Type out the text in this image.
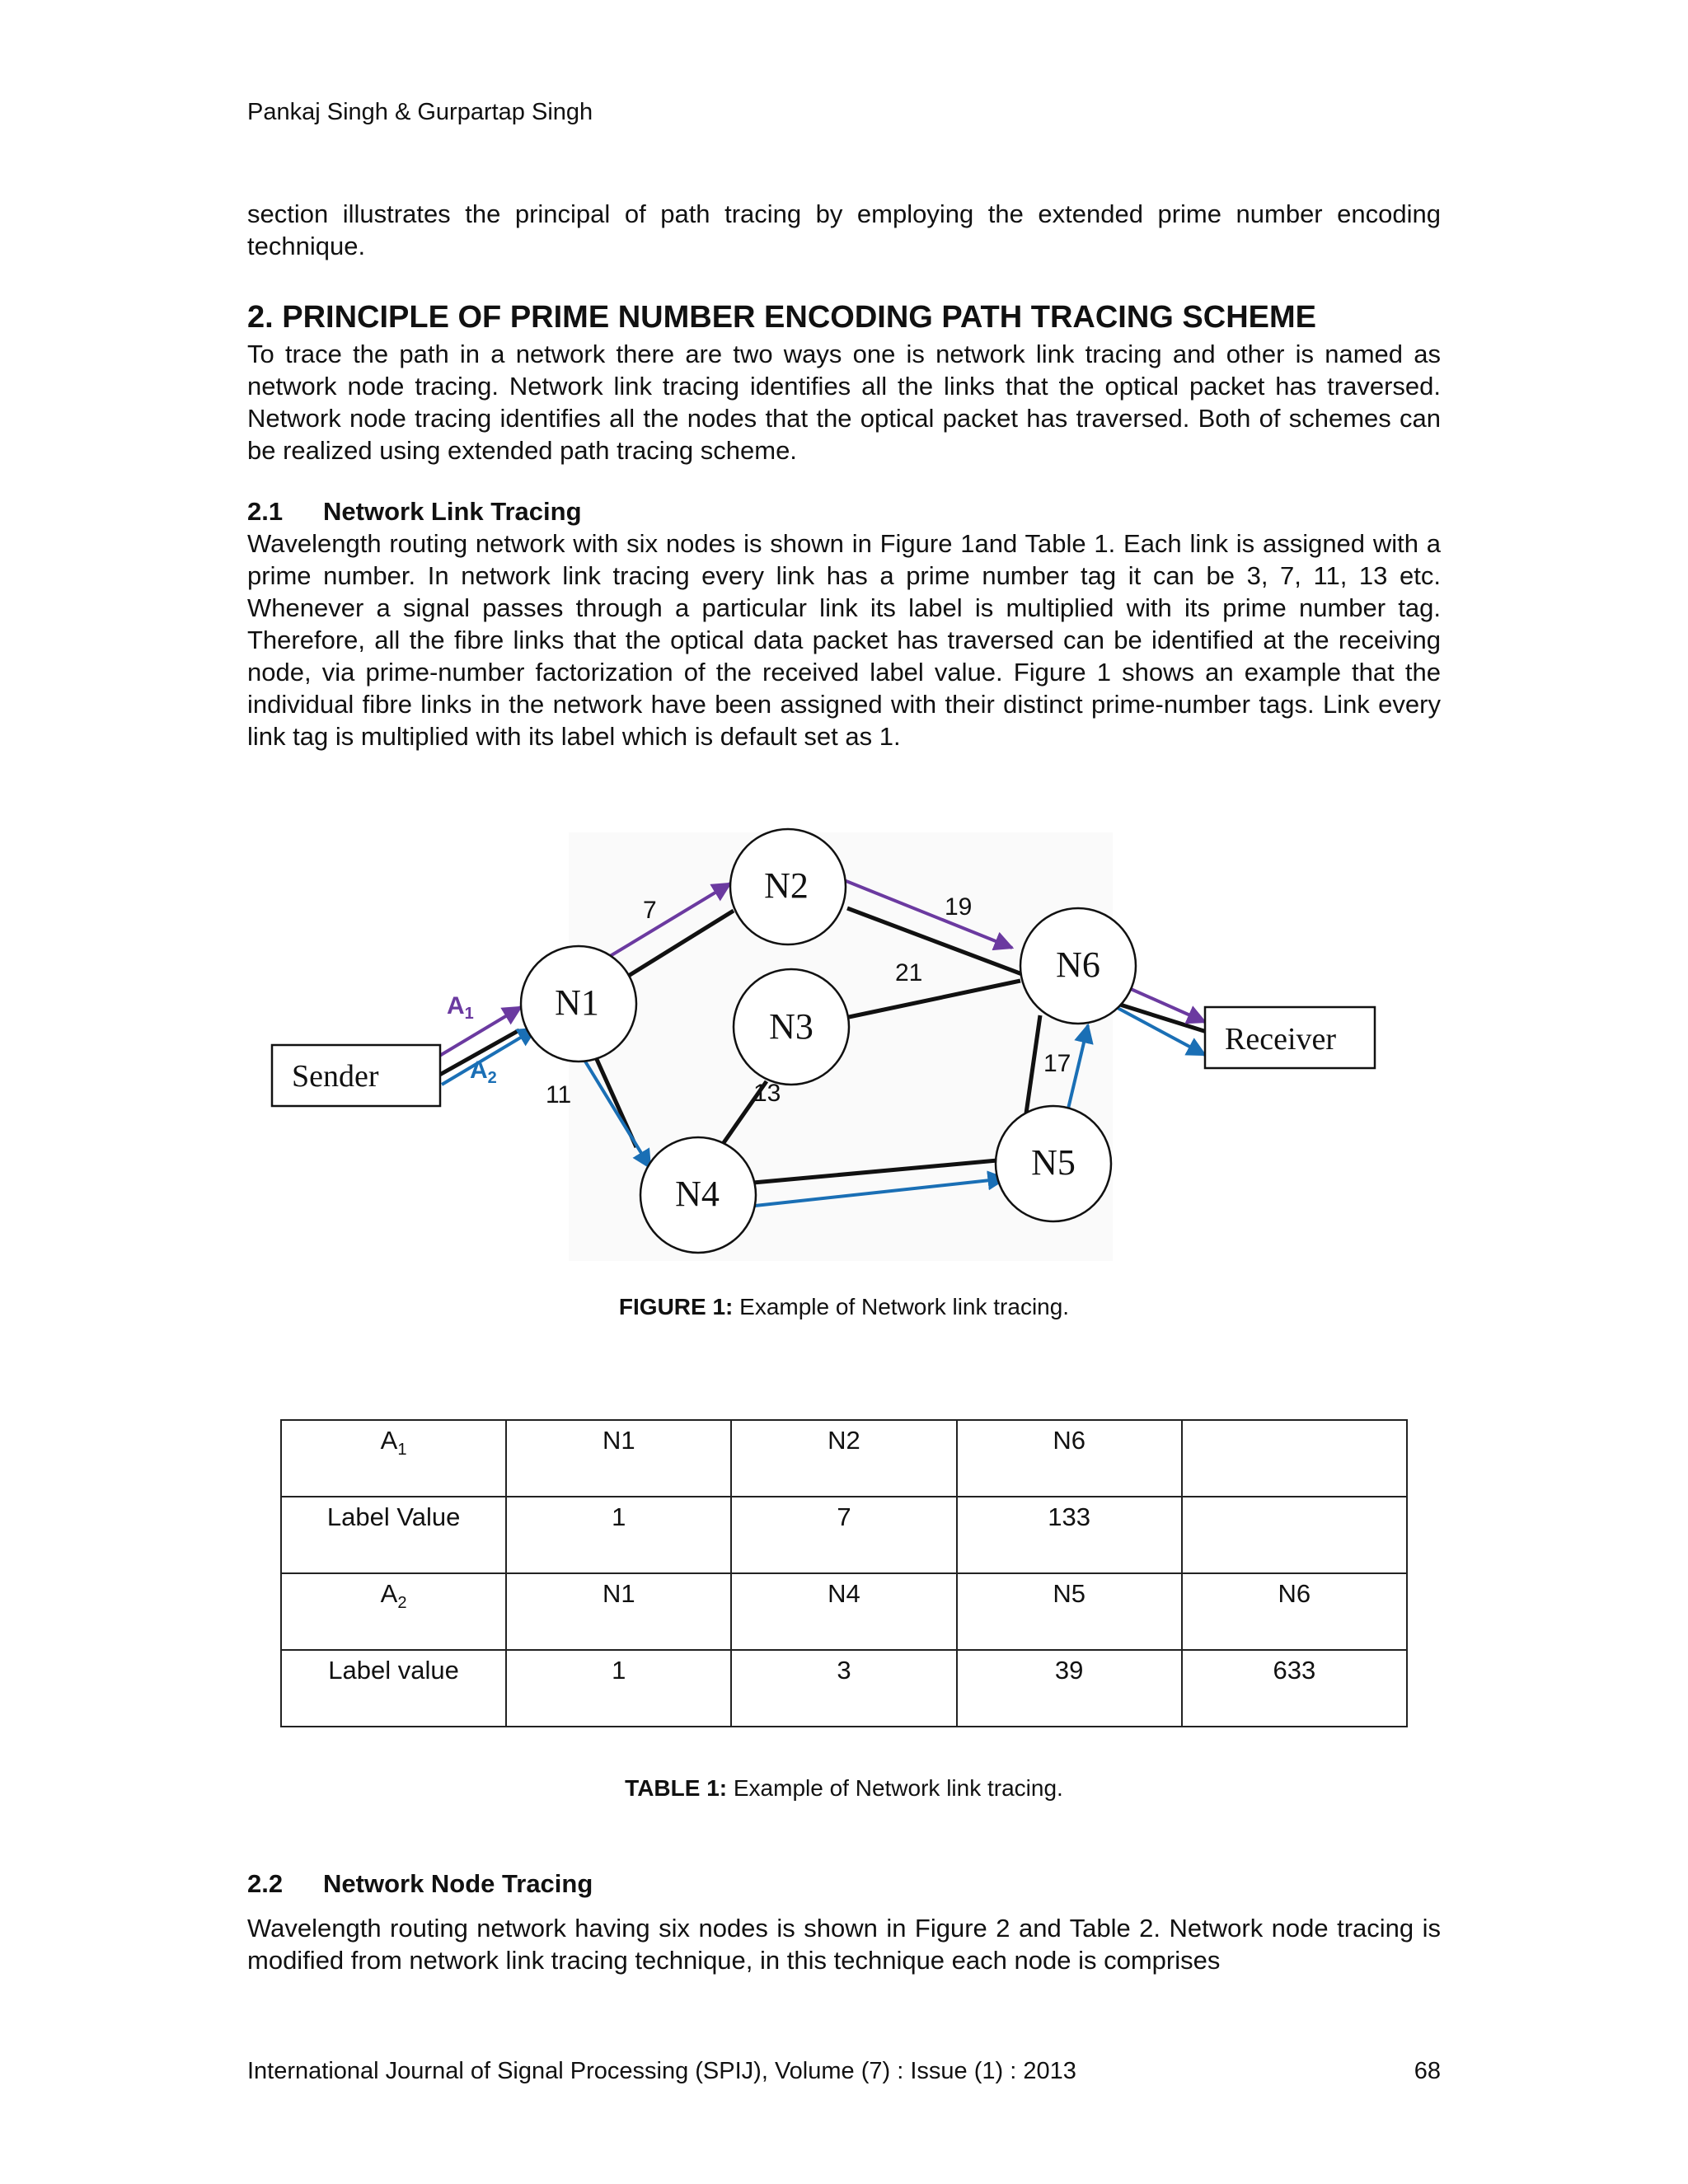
Pankaj Singh & Gurpartap Singh
section illustrates the principal of path tracing by employing the extended prime number encoding technique.
2. PRINCIPLE OF PRIME NUMBER ENCODING PATH TRACING SCHEME
To trace the path in a network there are two ways one is network link tracing and other is named as network node tracing. Network link tracing identifies all the links that the optical packet has traversed. Network node tracing identifies all the nodes that the optical packet has traversed. Both of schemes can be realized using extended path tracing scheme.
2.1 Network Link Tracing
Wavelength routing network with six nodes is shown in Figure 1and Table 1. Each link is assigned with a prime number. In network link tracing every link has a prime number tag it can be 3, 7, 11, 13 etc. Whenever a signal passes through a particular link its label is multiplied with its prime number tag. Therefore, all the fibre links that the optical data packet has traversed can be identified at the receiving node, via prime-number factorization of the received label value. Figure 1 shows an example that the individual fibre links in the network have been assigned with their distinct prime-number tags. Link every link tag is multiplied with its label which is default set as 1.
N1
N2
N3
N4
N5
N6
Sender
Receiver
$A_1$
$A_2$
7	19
21
11	13
17
FIGURE 1: Example of Network link tracing.
$A_1$	N1	N2	N6	
Label Value	1	7	133	
$A_2$	N1	N4	N5	N6
Label value	1	3	39	633
TABLE 1: Example of Network link tracing.
2.2 Network Node Tracing
Wavelength routing network having six nodes is shown in Figure 2 and Table 2. Network node tracing is modified from network link tracing technique, in this technique each node is comprises
International Journal of Signal Processing (SPIJ), Volume (7) : Issue (1) : 2013	68
